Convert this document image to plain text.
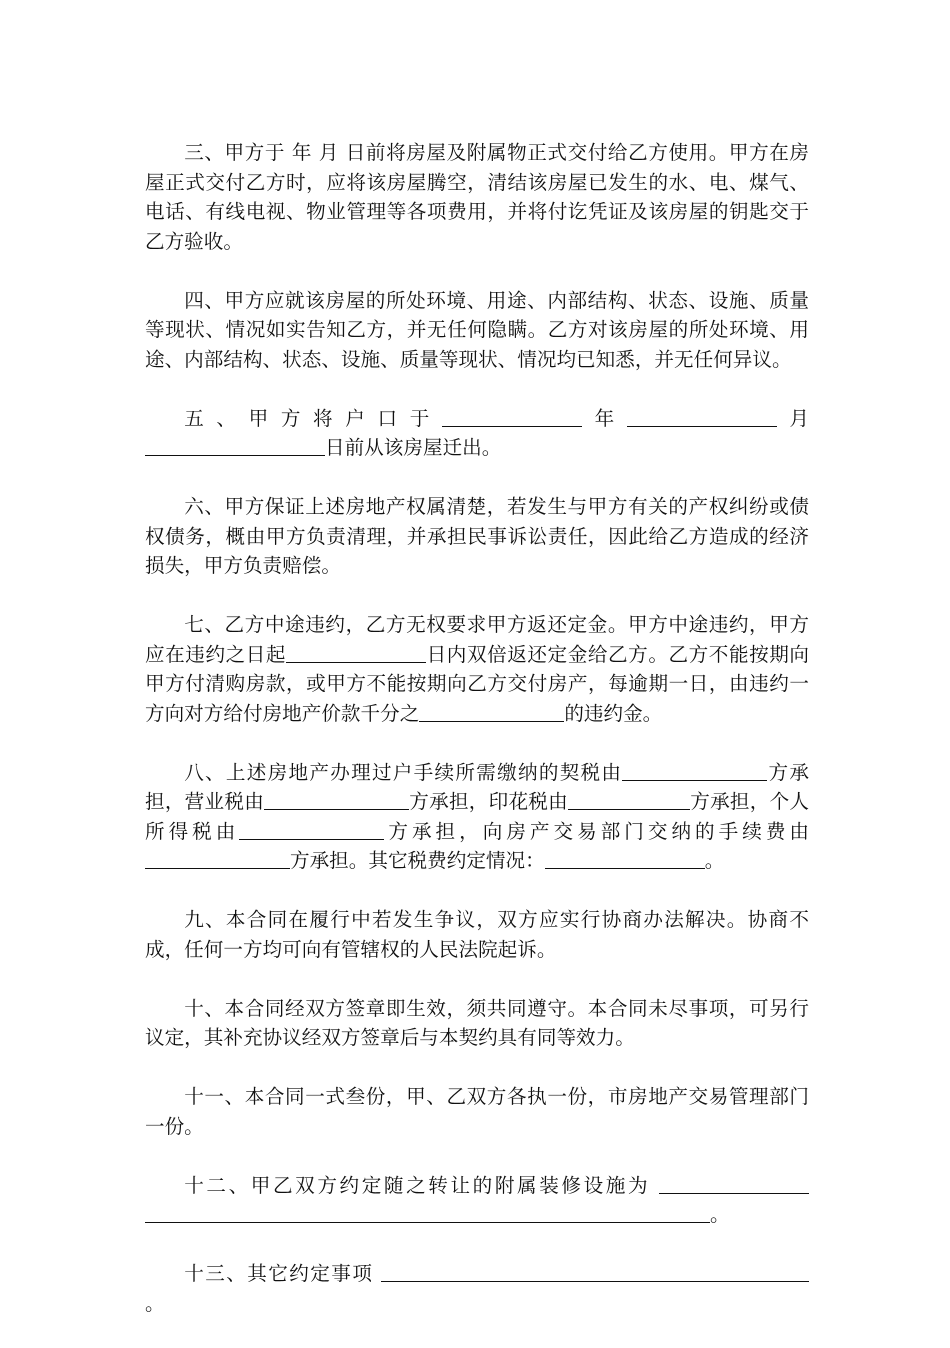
三、甲方于 年 月 日前将房屋及附属物正式交付给乙方使用。甲方在房屋正式交付乙方时，应将该房屋腾空，清结该房屋已发生的水、电、煤气、电话、有线电视、物业管理等各项费用，并将付讫凭证及该房屋的钥匙交于乙方验收。

四、甲方应就该房屋的所处环境、用途、内部结构、状态、设施、质量等现状、情况如实告知乙方，并无任何隐瞒。乙方对该房屋的所处环境、用途、内部结构、状态、设施、质量等现状、情况均已知悉，并无任何异议。

五、甲方将户口于	年	月日前从该房屋迁出。

六、甲方保证上述房地产权属清楚，若发生与甲方有关的产权纠纷或债权债务，概由甲方负责清理，并承担民事诉讼责任，因此给乙方造成的经济损失，甲方负责赔偿。

七、乙方中途违约，乙方无权要求甲方返还定金。甲方中途违约，甲方应在违约之日起	日内双倍返还定金给乙方。乙方不能按期向甲方付清购房款，或甲方不能按期向乙方交付房产，每逾期一日，由违约一方向对方给付房地产价款千分之	的违约金。

八、上述房地产办理过户手续所需缴纳的契税由	方承担，营业税由	方承担，印花税由	方承担，个人所得税由	方承担，向房产交易部门交纳的手续费由方承担。其它税费约定情况：	。

九、本合同在履行中若发生争议，双方应实行协商办法解决。协商不成，任何一方均可向有管辖权的人民法院起诉。

十、本合同经双方签章即生效，须共同遵守。本合同未尽事项，可另行议定，其补充协议经双方签章后与本契约具有同等效力。

十一、本合同一式叁份，甲、乙双方各执一份，市房地产交易管理部门一份。

十二、甲乙双方约定随之转让的附属装修设施为 。

十三、其它约定事项 。
